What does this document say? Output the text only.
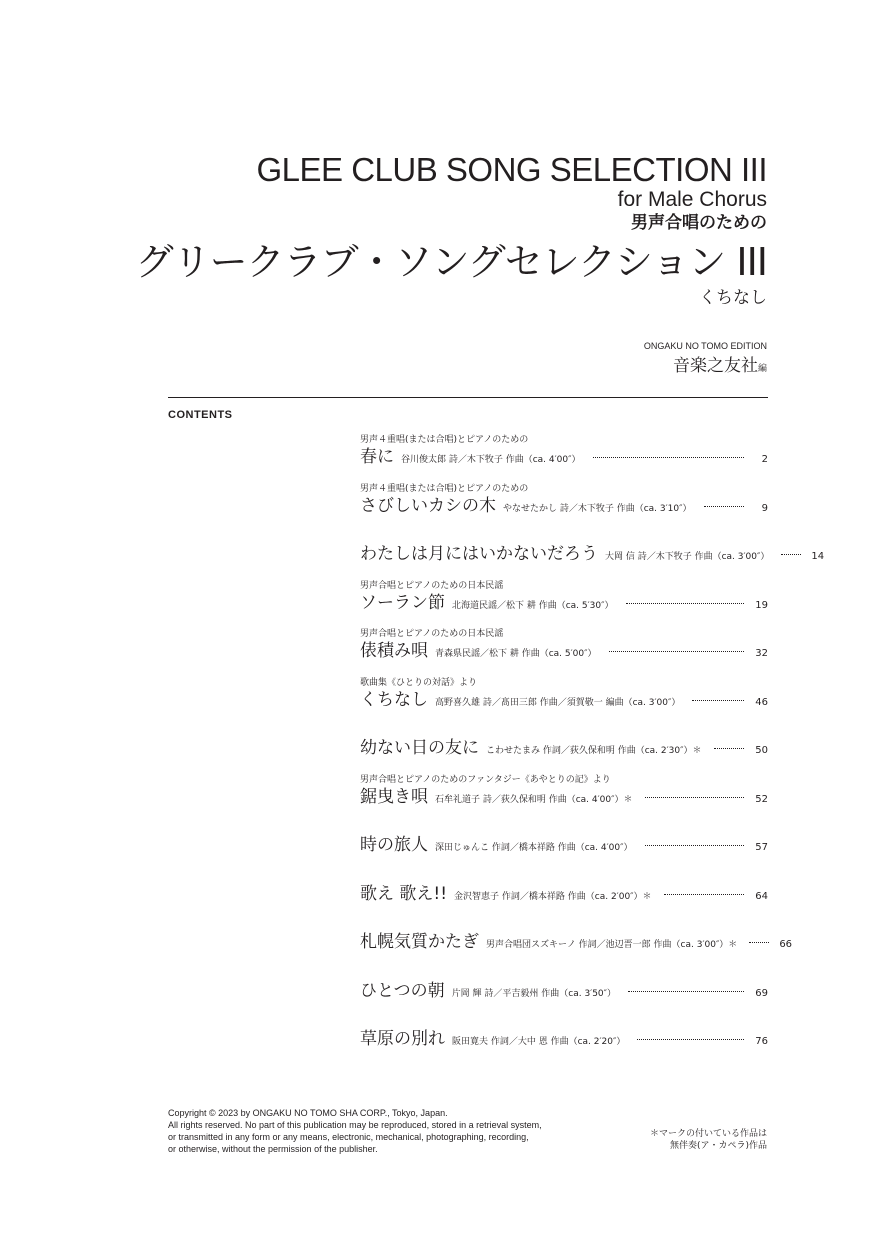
GLEE CLUB SONG SELECTION III
for Male Chorus
男声合唱のための
グリークラブ・ソングセレクション III
くちなし
ONGAKU NO TOMO EDITION
音楽之友社編
CONTENTS
男声４重唱(または合唱)とピアノのための
春に 谷川俊太郎 詩／木下牧子 作曲（ca. 4′00″）	2
男声４重唱(または合唱)とピアノのための
さびしいカシの木 やなせたかし 詩／木下牧子 作曲（ca. 3′10″）	9
わたしは月にはいかないだろう 大岡 信 詩／木下牧子 作曲（ca. 3′00″）	14
男声合唱とピアノのための日本民謡
ソーラン節 北海道民謡／松下 耕 作曲（ca. 5′30″）	19
男声合唱とピアノのための日本民謡
俵積み唄 青森県民謡／松下 耕 作曲（ca. 5′00″）	32
歌曲集《ひとりの対話》より
くちなし 高野喜久雄 詩／髙田三郎 作曲／須賀敬一 編曲（ca. 3′00″）	46
幼ない日の友に こわせたまみ 作詞／荻久保和明 作曲（ca. 2′30″）＊	50
男声合唱とピアノのためのファンタジー《あやとりの記》より
鋸曳き唄 石牟礼道子 詩／荻久保和明 作曲（ca. 4′00″）＊	52
時の旅人 深田じゅんこ 作詞／橋本祥路 作曲（ca. 4′00″）	57
歌え 歌え!! 金沢智恵子 作詞／橋本祥路 作曲（ca. 2′00″）＊	64
札幌気質かたぎ 男声合唱団スズキーノ 作詞／池辺晋一郎 作曲（ca. 3′00″）＊	66
ひとつの朝 片岡 輝 詩／平吉毅州 作曲（ca. 3′50″）	69
草原の別れ 阪田寛夫 作詞／大中 恩 作曲（ca. 2′20″）	76
Copyright © 2023 by ONGAKU NO TOMO SHA CORP., Tokyo, Japan.
All rights reserved. No part of this publication may be reproduced, stored in a retrieval system,
or transmitted in any form or any means, electronic, mechanical, photographing, recording,
or otherwise, without the permission of the publisher.
＊マークの付いている作品は
無伴奏(ア・カペラ)作品
